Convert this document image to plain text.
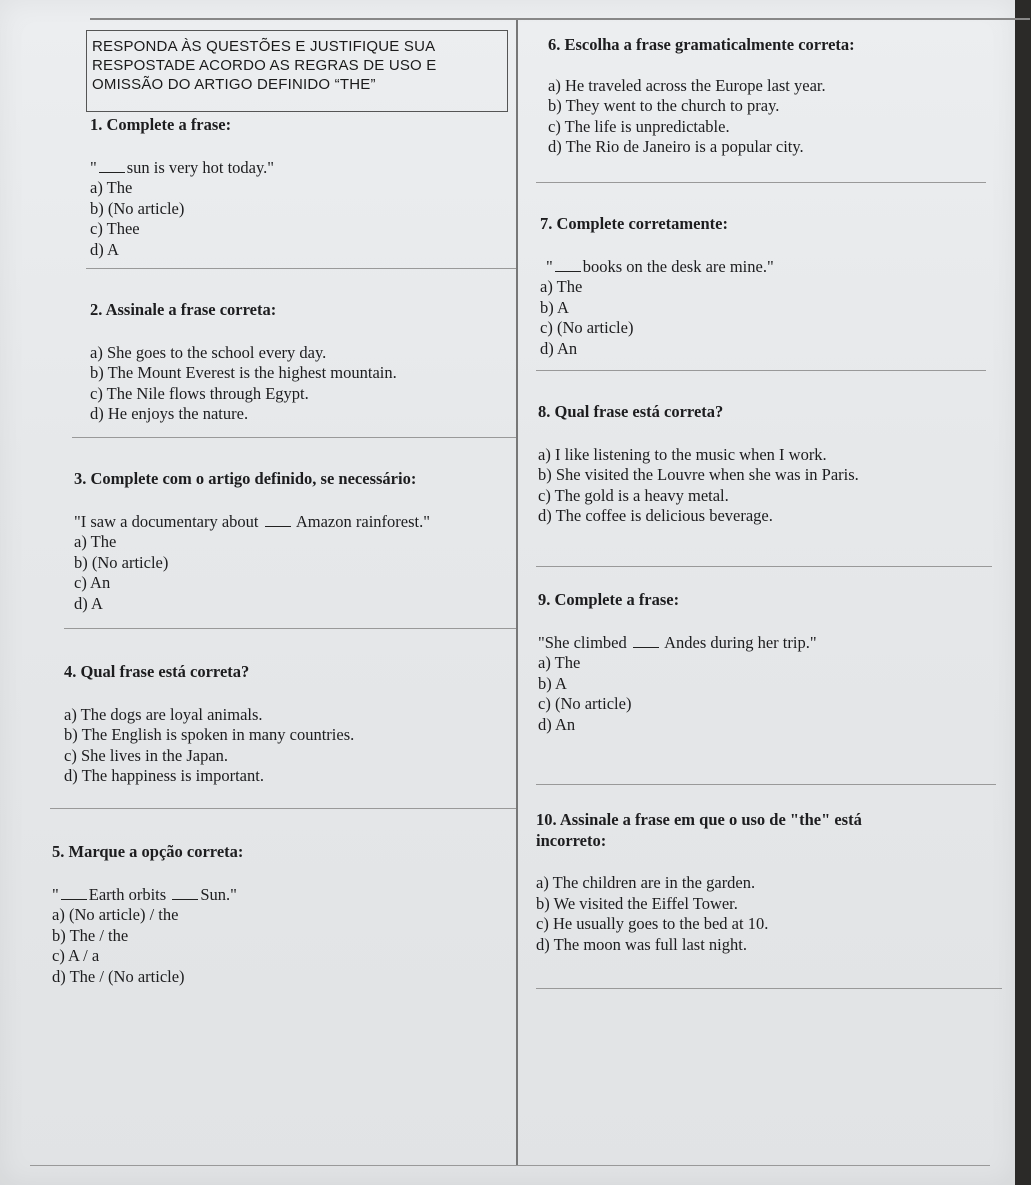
RESPONDA ÀS QUESTÕES E JUSTIFIQUE SUA RESPOSTADE ACORDO AS REGRAS DE USO E OMISSÃO DO ARTIGO DEFINIDO “THE”
1. Complete a frase:
" sun is very hot today."
a) The
b) (No article)
c) Thee
d) A
2. Assinale a frase correta:
a) She goes to the school every day.
b) The Mount Everest is the highest mountain.
c) The Nile flows through Egypt.
d) He enjoys the nature.
3. Complete com o artigo definido, se necessário:
"I saw a documentary about Amazon rainforest."
a) The
b) (No article)
c) An
d) A
4. Qual frase está correta?
a) The dogs are loyal animals.
b) The English is spoken in many countries.
c) She lives in the Japan.
d) The happiness is important.
5. Marque a opção correta:
" Earth orbits Sun."
a) (No article) / the
b) The / the
c) A / a
d) The / (No article)
6. Escolha a frase gramaticalmente correta:
a) He traveled across the Europe last year.
b) They went to the church to pray.
c) The life is unpredictable.
d) The Rio de Janeiro is a popular city.
7. Complete corretamente:
" books on the desk are mine."
a) The
b) A
c) (No article)
d) An
8. Qual frase está correta?
a) I like listening to the music when I work.
b) She visited the Louvre when she was in Paris.
c) The gold is a heavy metal.
d) The coffee is delicious beverage.
9. Complete a frase:
"She climbed Andes during her trip."
a) The
b) A
c) (No article)
d) An
10. Assinale a frase em que o uso de "the" está
incorreto:
a) The children are in the garden.
b) We visited the Eiffel Tower.
c) He usually goes to the bed at 10.
d) The moon was full last night.
